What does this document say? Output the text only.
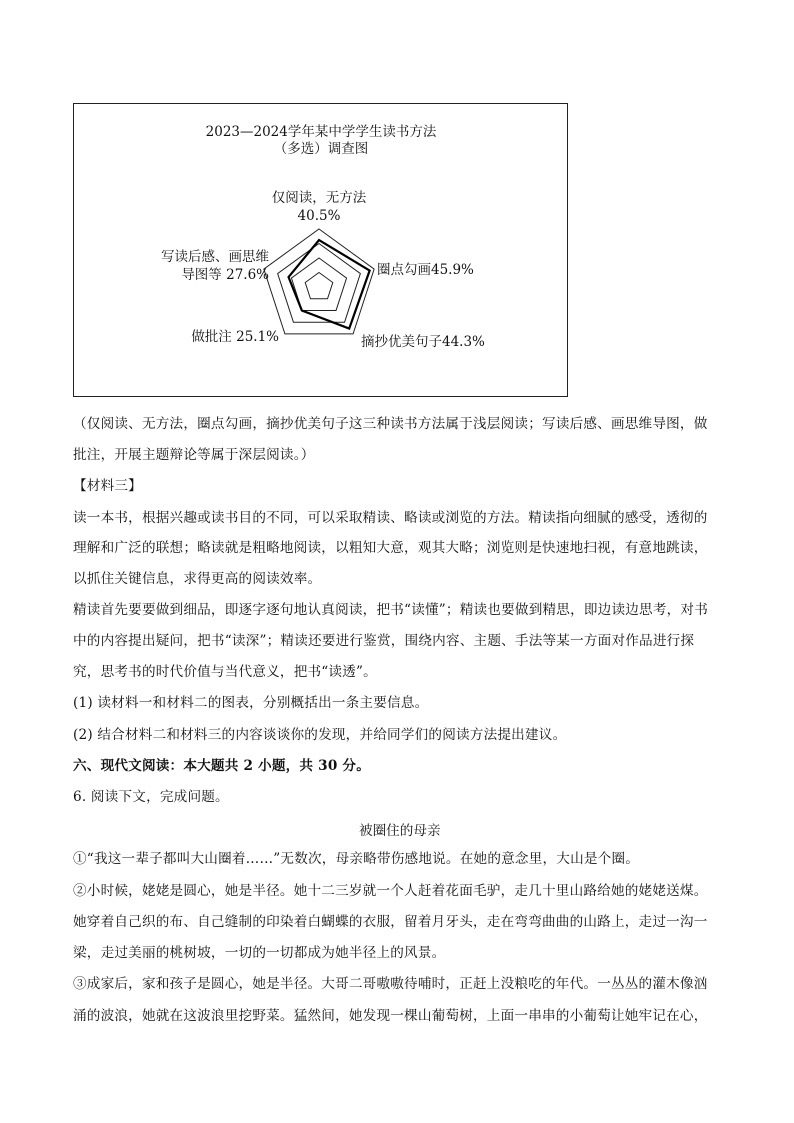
2023—2024学年某中学学生读书方法
（多选）调查图
仅阅读，无方法
40.5%
圈点勾画45.9%
摘抄优美句子44.3%
做批注 25.1%
写读后感、画思维
导图等 27.6%
（仅阅读、无方法，圈点勾画，摘抄优美句子这三种读书方法属于浅层阅读；写读后感、画思维导图，做
批注，开展主题辩论等属于深层阅读。）
【材料三】
读一本书，根据兴趣或读书目的不同，可以采取精读、略读或浏览的方法。精读指向细腻的感受，透彻的
理解和广泛的联想；略读就是粗略地阅读，以粗知大意，观其大略；浏览则是快速地扫视，有意地跳读，
以抓住关键信息，求得更高的阅读效率。
精读首先要要做到细品，即逐字逐句地认真阅读，把书“读懂”；精读也要做到精思，即边读边思考，对书
中的内容提出疑问，把书“读深”；精读还要进行鉴赏，围绕内容、主题、手法等某一方面对作品进行探
究，思考书的时代价值与当代意义，把书“读透”。
(1) 读材料一和材料二的图表，分别概括出一条主要信息。
(2) 结合材料二和材料三的内容谈谈你的发现，并给同学们的阅读方法提出建议。
六、现代文阅读：本大题共 2 小题，共 30 分。
6. 阅读下文，完成问题。
被圈住的母亲
①“我这一辈子都叫大山圈着……”无数次，母亲略带伤感地说。在她的意念里，大山是个圈。
②小时候，姥姥是圆心，她是半径。她十二三岁就一个人赶着花面毛驴，走几十里山路给她的姥姥送煤。
她穿着自己织的布、自己缝制的印染着白蝴蝶的衣服，留着月牙头，走在弯弯曲曲的山路上，走过一沟一
梁，走过美丽的桃树坡，一切的一切都成为她半径上的风景。
③成家后，家和孩子是圆心，她是半径。大哥二哥嗷嗷待哺时，正赶上没粮吃的年代。一丛丛的灌木像汹
涌的波浪，她就在这波浪里挖野菜。猛然间，她发现一棵山葡萄树，上面一串串的小葡萄让她牢记在心，
